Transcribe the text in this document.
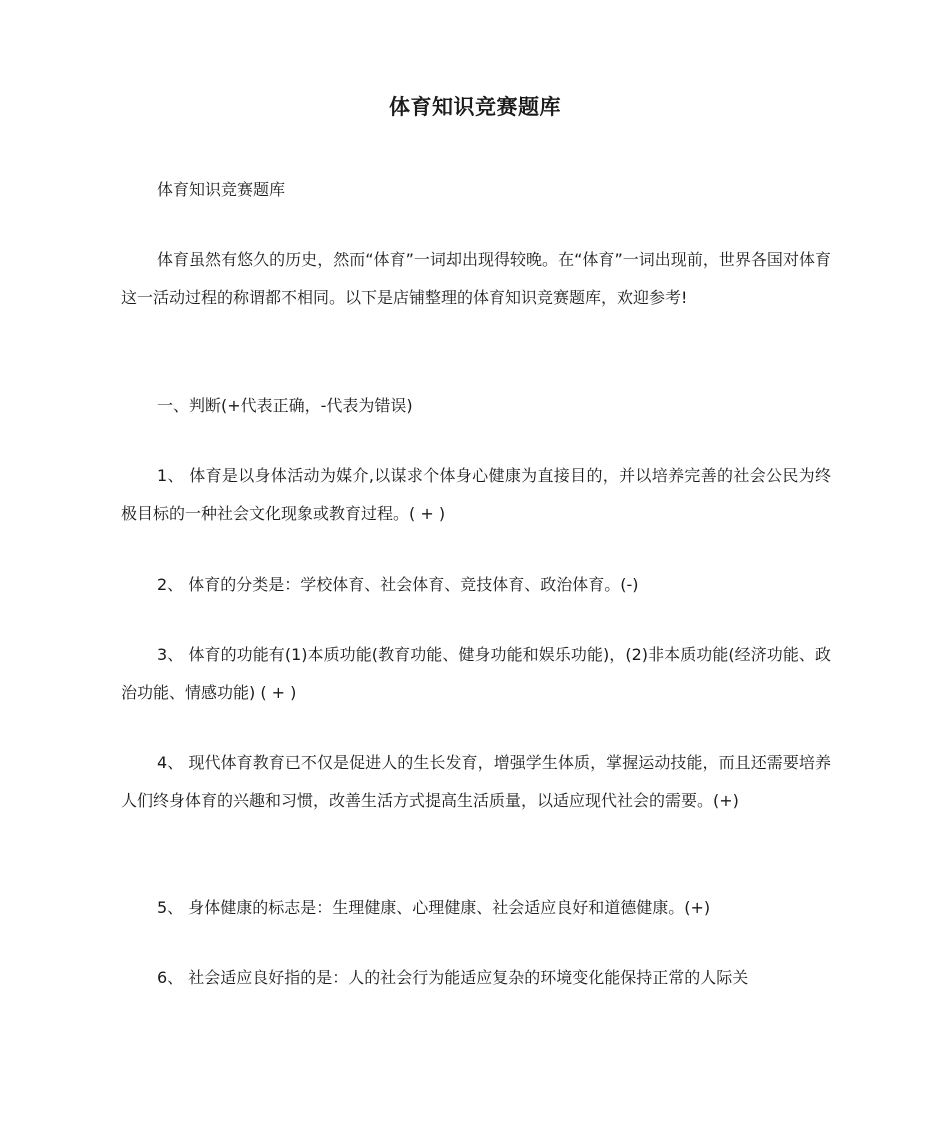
体育知识竞赛题库

体育知识竞赛题库

体育虽然有悠久的历史，然而“体育”一词却出现得较晚。在“体育”一词出现前，世界各国对体育这一活动过程的称谓都不相同。以下是店铺整理的体育知识竞赛题库，欢迎参考!

一、判断(+代表正确，-代表为错误)

1、 体育是以身体活动为媒介,以谋求个体身心健康为直接目的，并以培养完善的社会公民为终极目标的一种社会文化现象或教育过程。( + )

2、 体育的分类是：学校体育、社会体育、竞技体育、政治体育。(-)

3、 体育的功能有(1)本质功能(教育功能、健身功能和娱乐功能)，(2)非本质功能(经济功能、政治功能、情感功能) ( + )

4、 现代体育教育已不仅是促进人的生长发育，增强学生体质，掌握运动技能，而且还需要培养人们终身体育的兴趣和习惯，改善生活方式提高生活质量，以适应现代社会的需要。(+)

5、 身体健康的标志是：生理健康、心理健康、社会适应良好和道德健康。(+)

6、 社会适应良好指的是：人的社会行为能适应复杂的环境变化能保持正常的人际关
